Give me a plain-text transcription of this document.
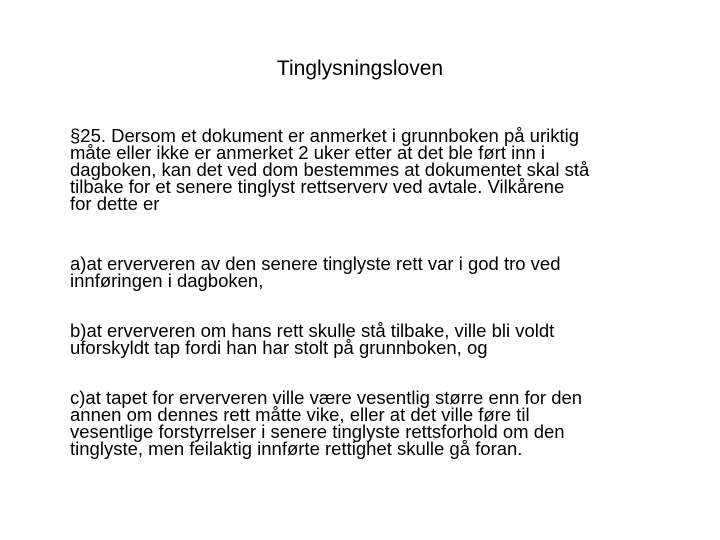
Tinglysningsloven
§25. Dersom et dokument er anmerket i grunnboken på uriktig
måte eller ikke er anmerket 2 uker etter at det ble ført inn i
dagboken, kan det ved dom bestemmes at dokumentet skal stå
tilbake for et senere tinglyst rettserverv ved avtale. Vilkårene
for dette er
a)at erververen av den senere tinglyste rett var i god tro ved
innføringen i dagboken,
b)at erververen om hans rett skulle stå tilbake, ville bli voldt
uforskyldt tap fordi han har stolt på grunnboken, og
c)at tapet for erververen ville være vesentlig større enn for den
annen om dennes rett måtte vike, eller at det ville føre til
vesentlige forstyrrelser i senere tinglyste rettsforhold om den
tinglyste, men feilaktig innførte rettighet skulle gå foran.
